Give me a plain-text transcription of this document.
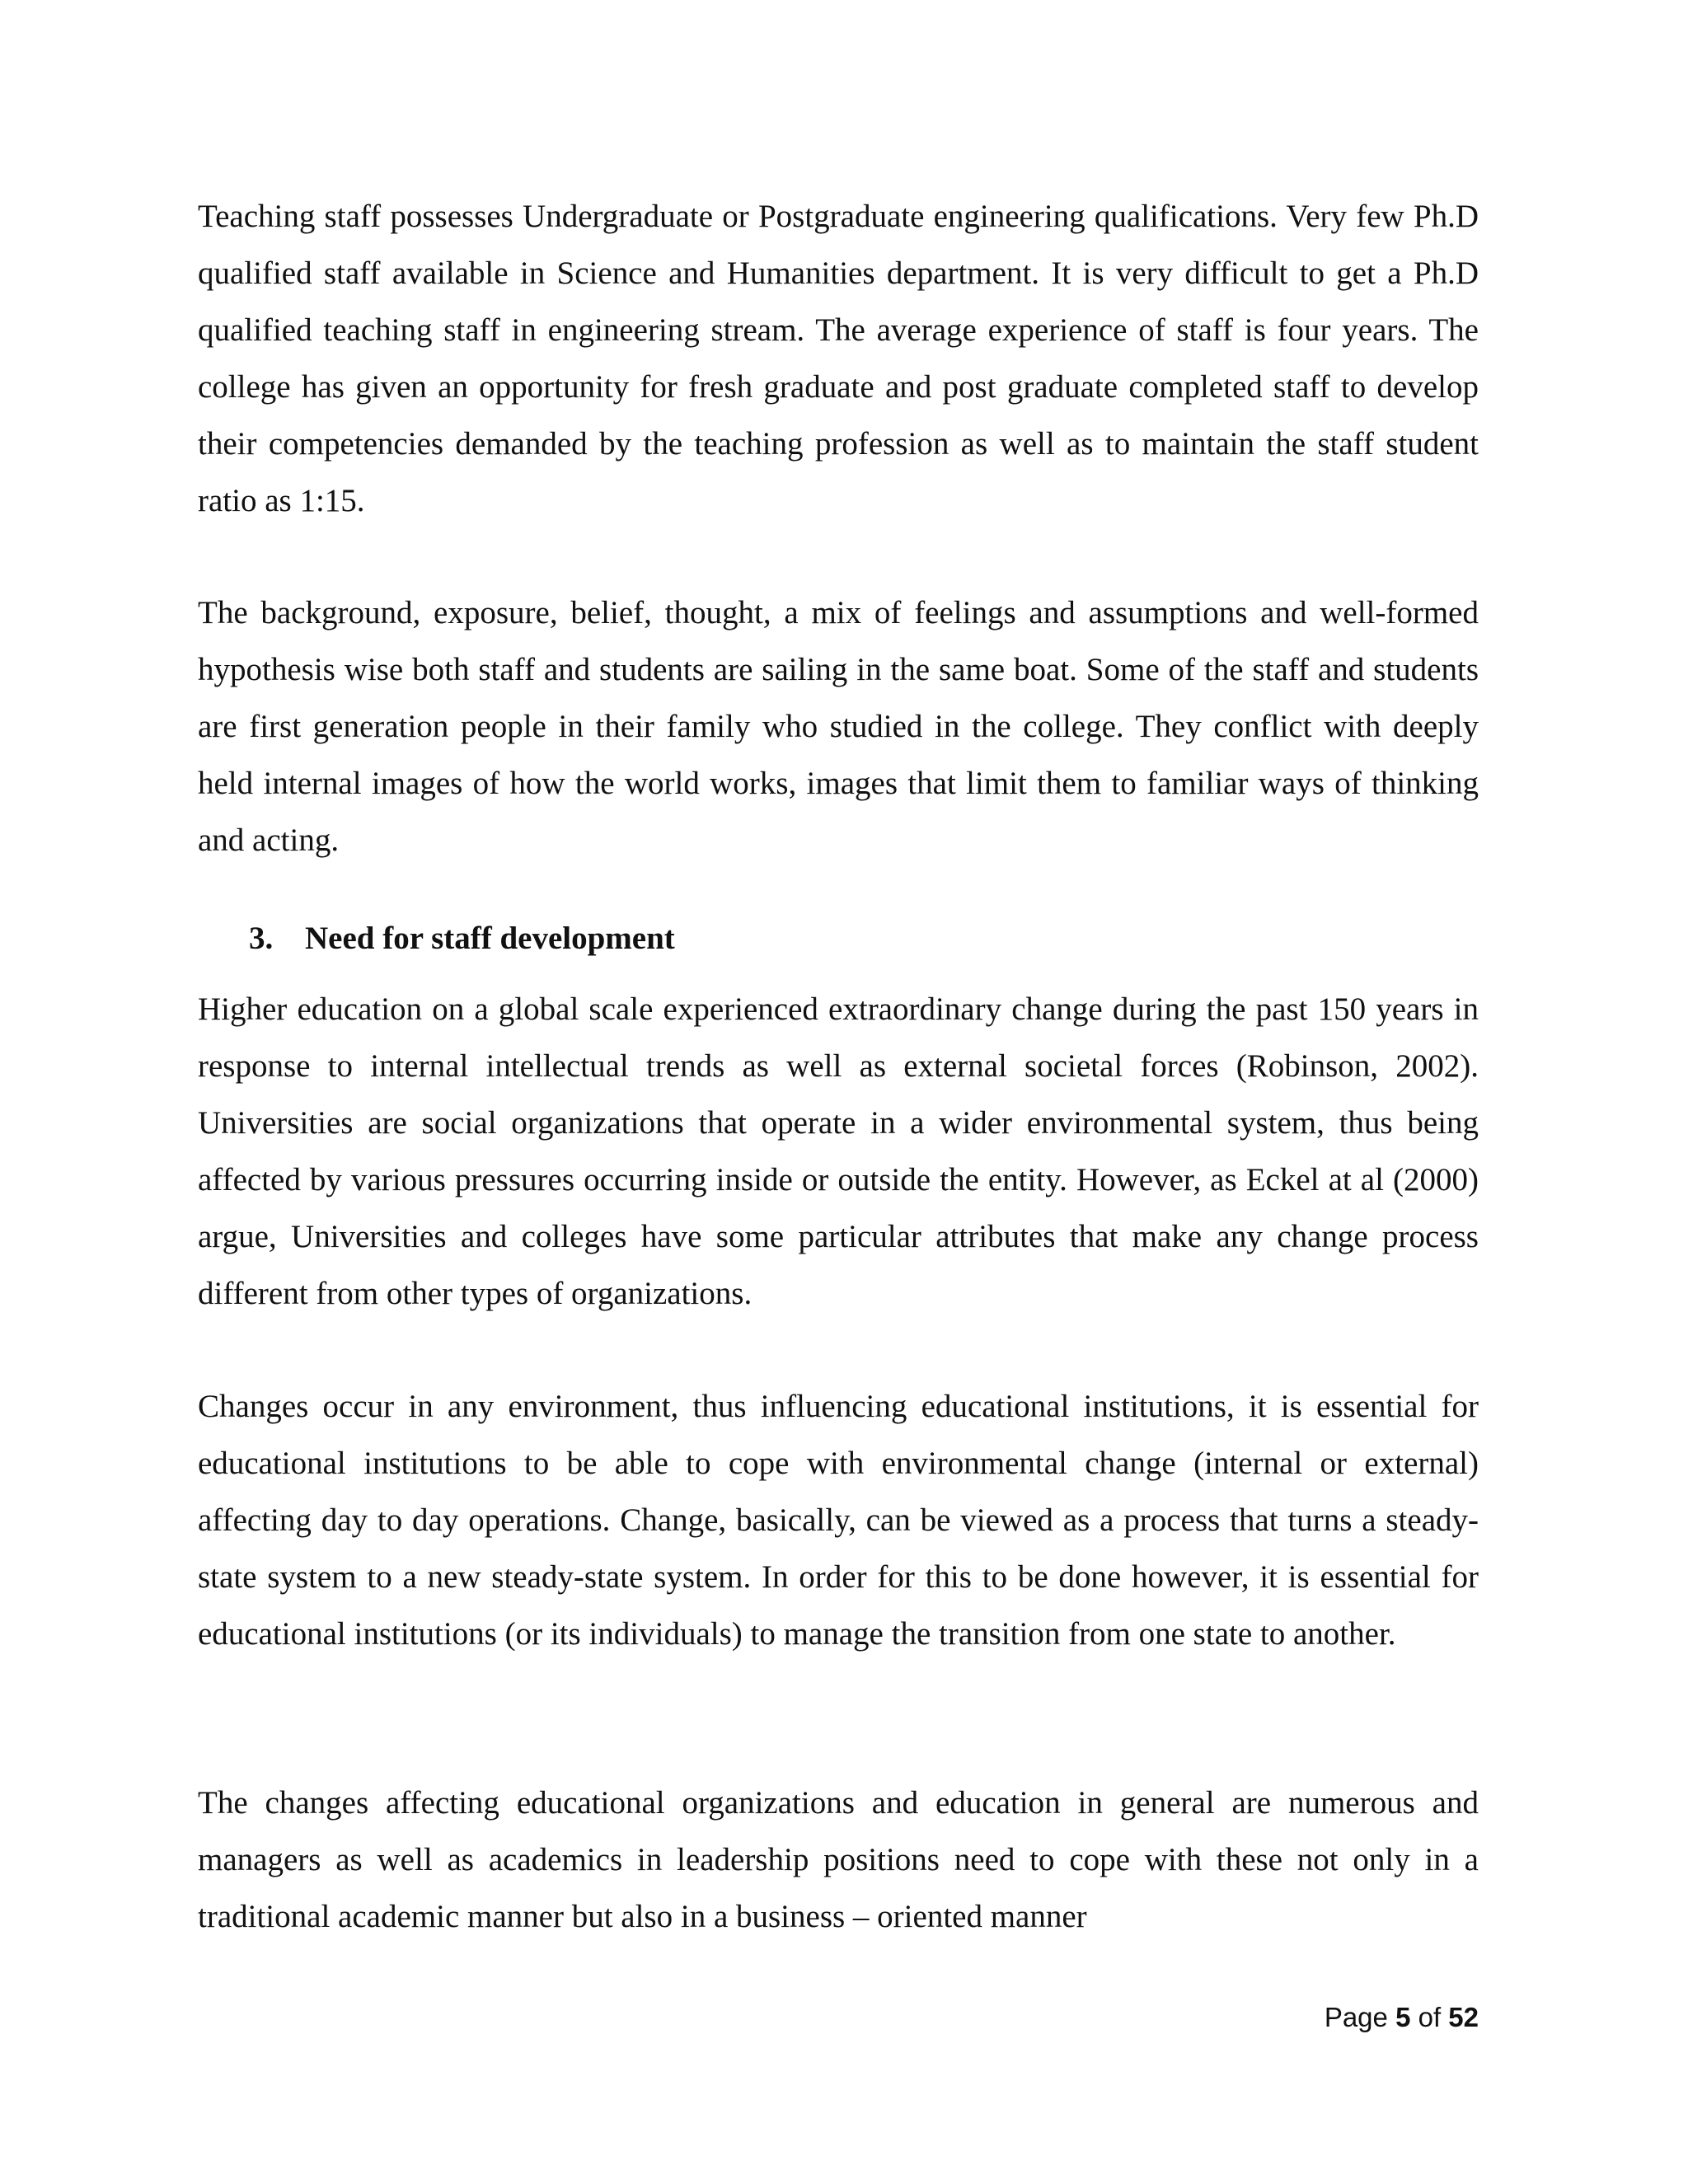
Teaching staff possesses Undergraduate or Postgraduate engineering qualifications. Very few Ph.D qualified staff available in Science and Humanities department. It is very difficult to get a Ph.D qualified teaching staff in engineering stream. The average experience of staff is four years. The college has given an opportunity for fresh graduate and post graduate completed staff to develop their competencies demanded by the teaching profession as well as to maintain the staff student ratio as 1:15.

The background, exposure, belief, thought, a mix of feelings and assumptions and well-formed hypothesis wise both staff and students are sailing in the same boat. Some of the staff and students are first generation people in their family who studied in the college. They conflict with deeply held internal images of how the world works, images that limit them to familiar ways of thinking and acting.

3. Need for staff development

Higher education on a global scale experienced extraordinary change during the past 150 years in response to internal intellectual trends as well as external societal forces (Robinson, 2002). Universities are social organizations that operate in a wider environmental system, thus being affected by various pressures occurring inside or outside the entity. However, as Eckel at al (2000) argue, Universities and colleges have some particular attributes that make any change process different from other types of organizations.

Changes occur in any environment, thus influencing educational institutions, it is essential for educational institutions to be able to cope with environmental change (internal or external) affecting day to day operations. Change, basically, can be viewed as a process that turns a steady-state system to a new steady-state system. In order for this to be done however, it is essential for educational institutions (or its individuals) to manage the transition from one state to another.

The changes affecting educational organizations and education in general are numerous and managers as well as academics in leadership positions need to cope with these not only in a traditional academic manner but also in a business – oriented manner

Page 5 of 52
